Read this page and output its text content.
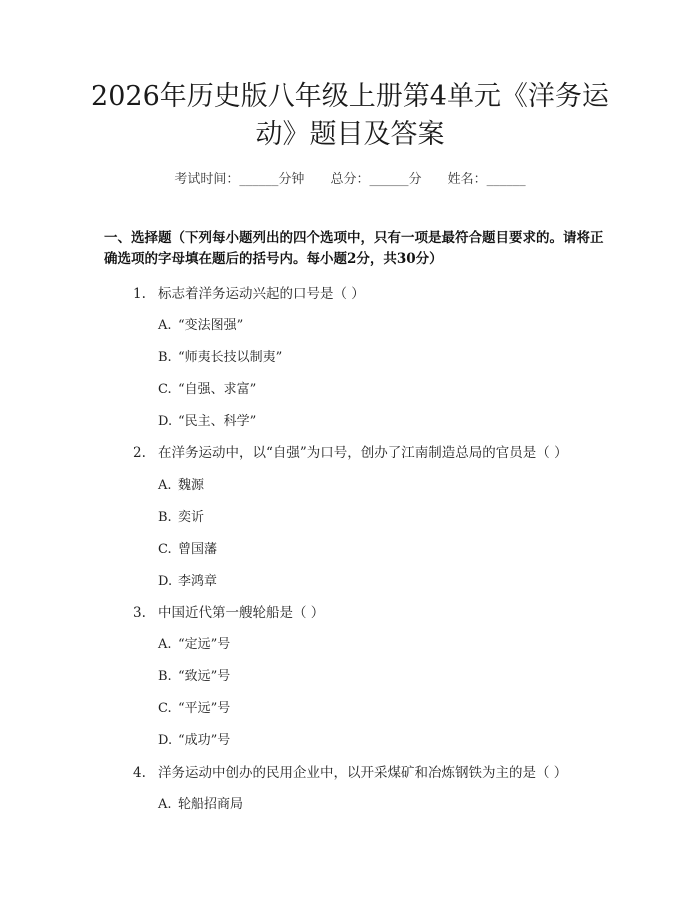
2026年历史版八年级上册第4单元《洋务运动》题目及答案
考试时间：______分钟 总分：______分 姓名：______
一、选择题（下列每小题列出的四个选项中，只有一项是最符合题目要求的。请将正确选项的字母填在题后的括号内。每小题2分，共30分）
1. 标志着洋务运动兴起的口号是（ ）
A. “变法图强”
B. “师夷长技以制夷”
C. “自强、求富”
D. “民主、科学”
2. 在洋务运动中，以“自强”为口号，创办了江南制造总局的官员是（ ）
A. 魏源
B. 奕䜣
C. 曾国藩
D. 李鸿章
3. 中国近代第一艘轮船是（ ）
A. “定远”号
B. “致远”号
C. “平远”号
D. “成功”号
4. 洋务运动中创办的民用企业中，以开采煤矿和冶炼钢铁为主的是（ ）
A. 轮船招商局
